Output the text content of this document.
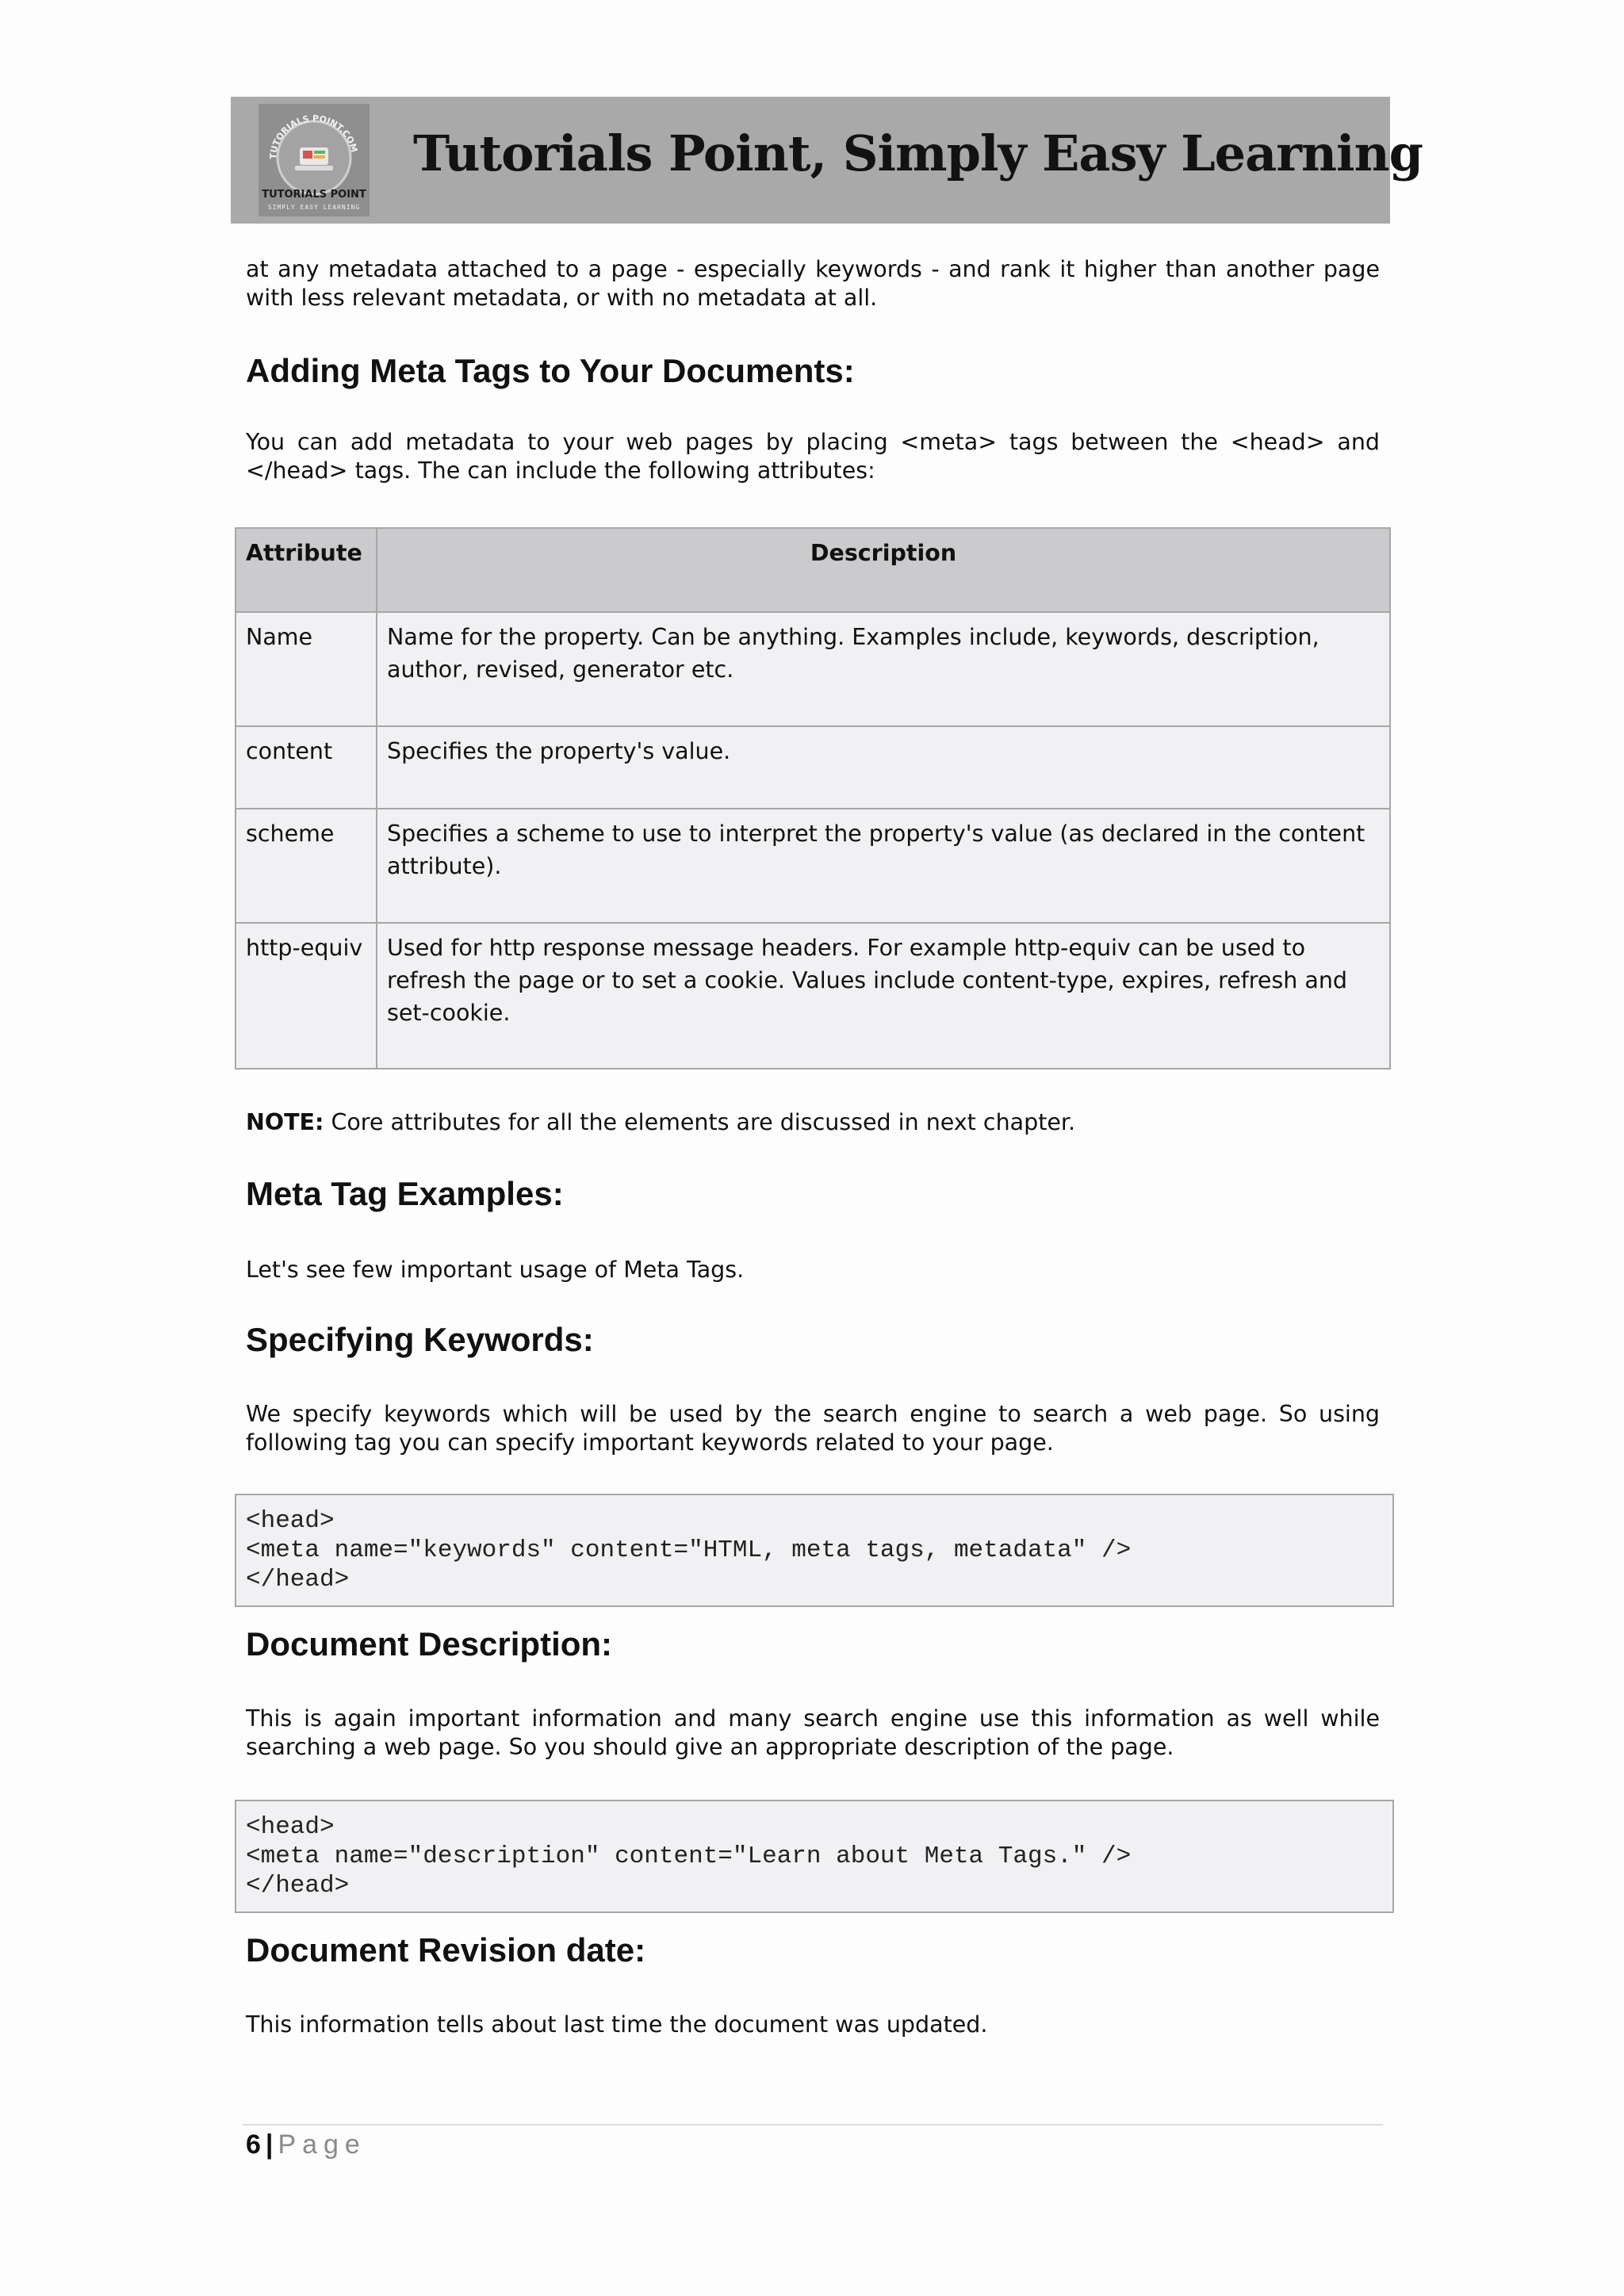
TUTORIALS POINT.COM
TUTORIALS POINT
SIMPLY EASY LEARNING
Tutorials Point, Simply Easy Learning

at any metadata attached to a page - especially keywords - and rank it higher than another page with less relevant metadata, or with no metadata at all.

Adding Meta Tags to Your Documents:

You can add metadata to your web pages by placing <meta> tags between the <head> and </head> tags. The can include the following attributes:

Attribute	Description
Name	Name for the property. Can be anything. Examples include, keywords, description, author, revised, generator etc.
content	Specifies the property's value.
scheme	Specifies a scheme to use to interpret the property's value (as declared in the content attribute).
http-equiv	Used for http response message headers. For example http-equiv can be used to refresh the page or to set a cookie. Values include content-type, expires, refresh and set-cookie.
NOTE: Core attributes for all the elements are discussed in next chapter.
Meta Tag Examples:

Let's see few important usage of Meta Tags.

Specifying Keywords:

We specify keywords which will be used by the search engine to search a web page. So using following tag you can specify important keywords related to your page.

<head>
<meta name="keywords" content="HTML, meta tags, metadata" />
</head>
Document Description:

This is again important information and many search engine use this information as well while searching a web page. So you should give an appropriate description of the page.

<head>
<meta name="description" content="Learn about Meta Tags." />
</head>
Document Revision date:

This information tells about last time the document was updated.

6 | Page
